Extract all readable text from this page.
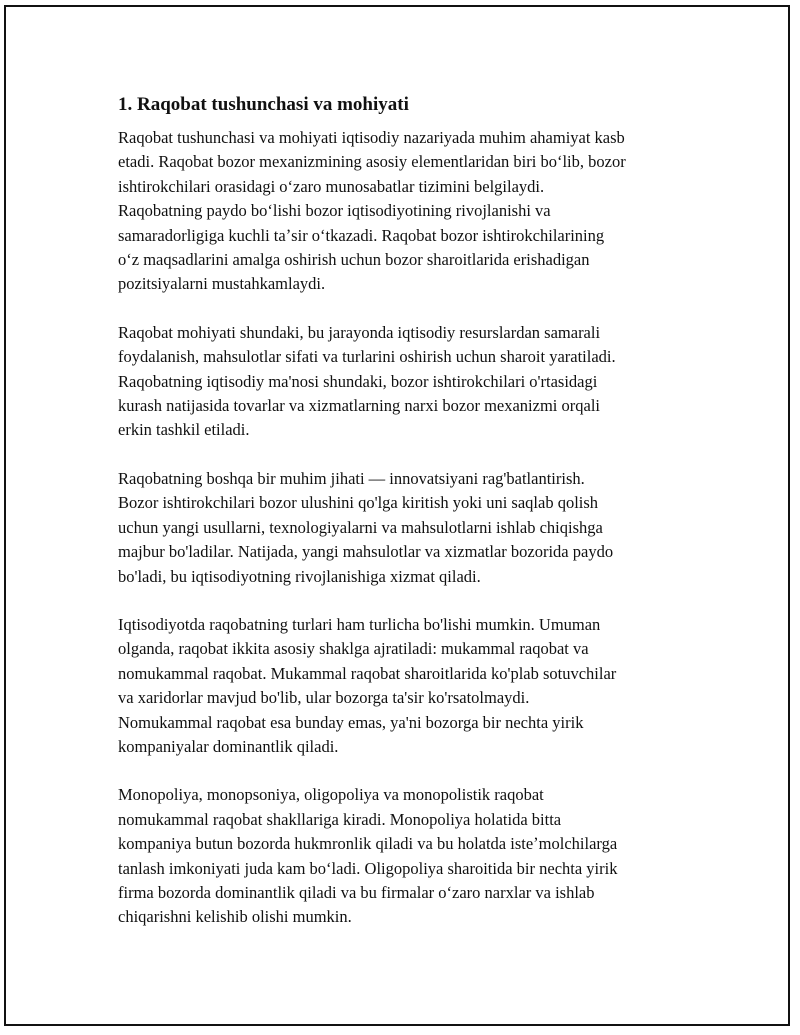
1. Raqobat tushunchasi va mohiyati
Raqobat tushunchasi va mohiyati iqtisodiy nazariyada muhim ahamiyat kasb
etadi. Raqobat bozor mexanizmining asosiy elementlaridan biri boʻlib, bozor
ishtirokchilari orasidagi oʻzaro munosabatlar tizimini belgilaydi.
Raqobatning paydo boʻlishi bozor iqtisodiyotining rivojlanishi va
samaradorligiga kuchli taʼsir oʻtkazadi. Raqobat bozor ishtirokchilarining
oʻz maqsadlarini amalga oshirish uchun bozor sharoitlarida erishadigan
pozitsiyalarni mustahkamlaydi.
Raqobat mohiyati shundaki, bu jarayonda iqtisodiy resurslardan samarali
foydalanish, mahsulotlar sifati va turlarini oshirish uchun sharoit yaratiladi.
Raqobatning iqtisodiy ma'nosi shundaki, bozor ishtirokchilari o'rtasidagi
kurash natijasida tovarlar va xizmatlarning narxi bozor mexanizmi orqali
erkin tashkil etiladi.
Raqobatning boshqa bir muhim jihati — innovatsiyani rag'batlantirish.
Bozor ishtirokchilari bozor ulushini qo'lga kiritish yoki uni saqlab qolish
uchun yangi usullarni, texnologiyalarni va mahsulotlarni ishlab chiqishga
majbur bo'ladilar. Natijada, yangi mahsulotlar va xizmatlar bozorida paydo
bo'ladi, bu iqtisodiyotning rivojlanishiga xizmat qiladi.
Iqtisodiyotda raqobatning turlari ham turlicha bo'lishi mumkin. Umuman
olganda, raqobat ikkita asosiy shaklga ajratiladi: mukammal raqobat va
nomukammal raqobat. Mukammal raqobat sharoitlarida ko'plab sotuvchilar
va xaridorlar mavjud bo'lib, ular bozorga ta'sir ko'rsatolmaydi.
Nomukammal raqobat esa bunday emas, ya'ni bozorga bir nechta yirik
kompaniyalar dominantlik qiladi.
Monopoliya, monopsoniya, oligopoliya va monopolistik raqobat
nomukammal raqobat shakllariga kiradi. Monopoliya holatida bitta
kompaniya butun bozorda hukmronlik qiladi va bu holatda isteʼmolchilarga
tanlash imkoniyati juda kam boʻladi. Oligopoliya sharoitida bir nechta yirik
firma bozorda dominantlik qiladi va bu firmalar oʻzaro narxlar va ishlab
chiqarishni kelishib olishi mumkin.
